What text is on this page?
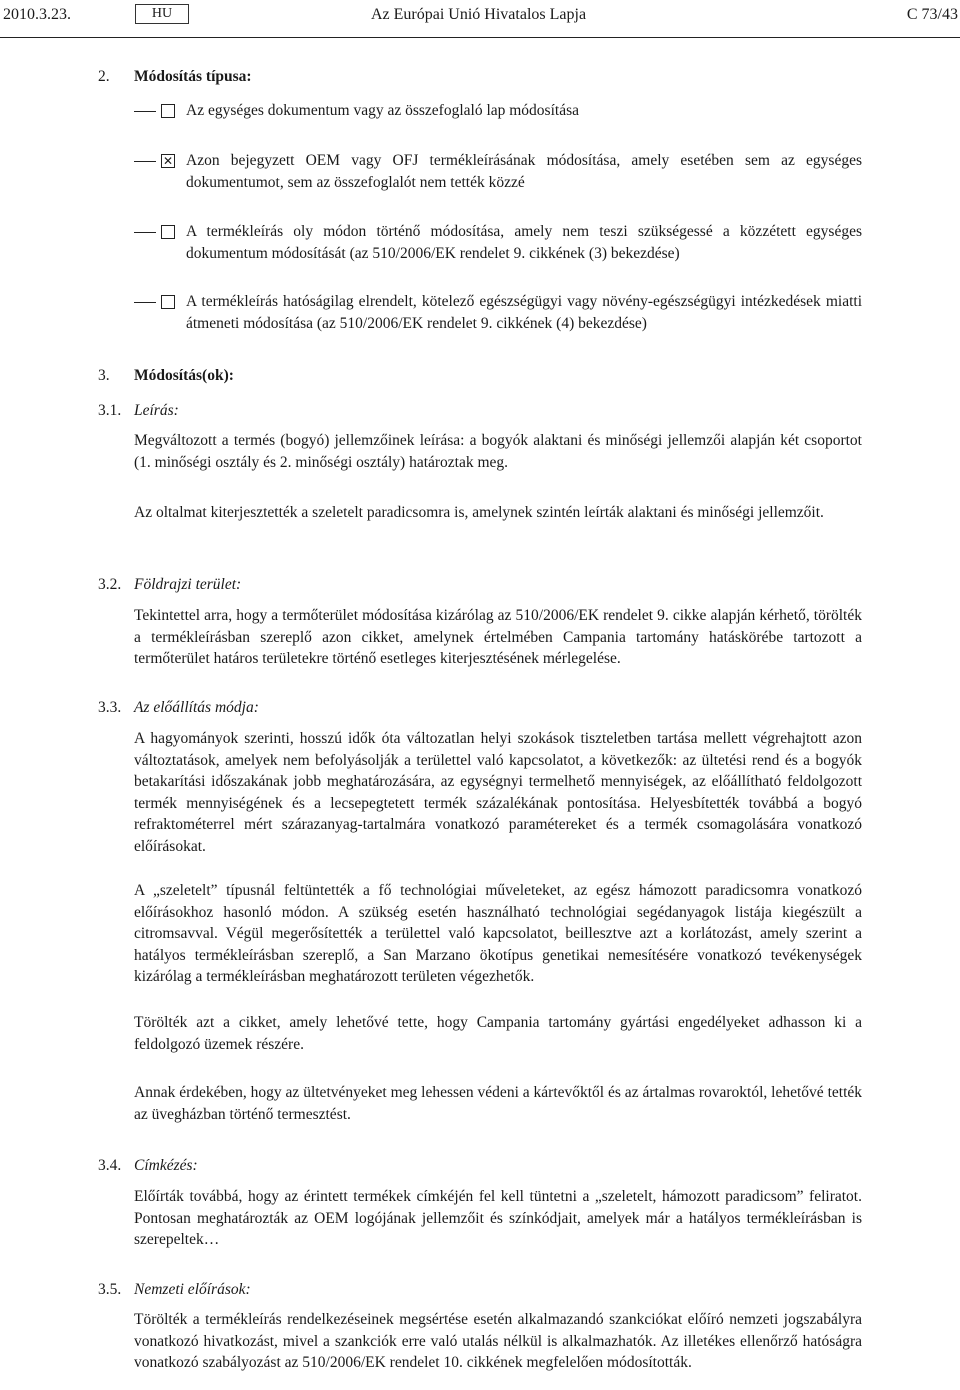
2010.3.23.	HU	Az Európai Unió Hivatalos Lapja	C 73/43
2. Módosítás típusa:
Az egységes dokumentum vagy az összefoglaló lap módosítása
✕ Azon bejegyzett OEM vagy OFJ termékleírásának módosítása, amely esetében sem az egységes dokumentumot, sem az összefoglalót nem tették közzé
A termékleírás oly módon történő módosítása, amely nem teszi szükségessé a közzétett egységes dokumentum módosítását (az 510/2006/EK rendelet 9. cikkének (3) bekezdése)
A termékleírás hatóságilag elrendelt, kötelező egészségügyi vagy növény-egészségügyi intézkedések miatti átmeneti módosítása (az 510/2006/EK rendelet 9. cikkének (4) bekezdése)
3. Módosítás(ok):
3.1. Leírás:
Megváltozott a termés (bogyó) jellemzőinek leírása: a bogyók alaktani és minőségi jellemzői alapján két csoportot (1. minőségi osztály és 2. minőségi osztály) határoztak meg.
Az oltalmat kiterjesztették a szeletelt paradicsomra is, amelynek szintén leírták alaktani és minőségi jellemzőit.
3.2. Földrajzi terület:
Tekintettel arra, hogy a termőterület módosítása kizárólag az 510/2006/EK rendelet 9. cikke alapján kérhető, törölték a termékleírásban szereplő azon cikket, amelynek értelmében Campania tartomány hatáskörébe tartozott a termőterület határos területekre történő esetleges kiterjesztésének mérlegelése.
3.3. Az előállítás módja:
A hagyományok szerinti, hosszú idők óta változatlan helyi szokások tiszteletben tartása mellett végrehajtott azon változtatások, amelyek nem befolyásolják a területtel való kapcsolatot, a következők: az ültetési rend és a bogyók betakarítási időszakának jobb meghatározására, az egységnyi termelhető mennyiségek, az előállítható feldolgozott termék mennyiségének és a lecsepegtetett termék százalékának pontosítása. Helyesbítették továbbá a bogyó refraktométerrel mért szárazanyag-tartalmára vonatkozó paramétereket és a termék csomagolására vonatkozó előírásokat.
A „szeletelt” típusnál feltüntették a fő technológiai műveleteket, az egész hámozott paradicsomra vonatkozó előírásokhoz hasonló módon. A szükség esetén használható technológiai segédanyagok listája kiegészült a citromsavval. Végül megerősítették a területtel való kapcsolatot, beillesztve azt a korlátozást, amely szerint a hatályos termékleírásban szereplő, a San Marzano ökotípus genetikai nemesítésére vonatkozó tevékenységek kizárólag a termékleírásban meghatározott területen végezhetők.
Törölték azt a cikket, amely lehetővé tette, hogy Campania tartomány gyártási engedélyeket adhasson ki a feldolgozó üzemek részére.
Annak érdekében, hogy az ültetvényeket meg lehessen védeni a kártevőktől és az ártalmas rovaroktól, lehetővé tették az üvegházban történő termesztést.
3.4. Címkézés:
Előírták továbbá, hogy az érintett termékek címkéjén fel kell tüntetni a „szeletelt, hámozott paradicsom” feliratot. Pontosan meghatározták az OEM logójának jellemzőit és színkódjait, amelyek már a hatályos termékleírásban is szerepeltek…
3.5. Nemzeti előírások:
Törölték a termékleírás rendelkezéseinek megsértése esetén alkalmazandó szankciókat előíró nemzeti jogszabályra vonatkozó hivatkozást, mivel a szankciók erre való utalás nélkül is alkalmazhatók. Az illetékes ellenőrző hatóságra vonatkozó szabályozást az 510/2006/EK rendelet 10. cikkének megfelelően módosították.
